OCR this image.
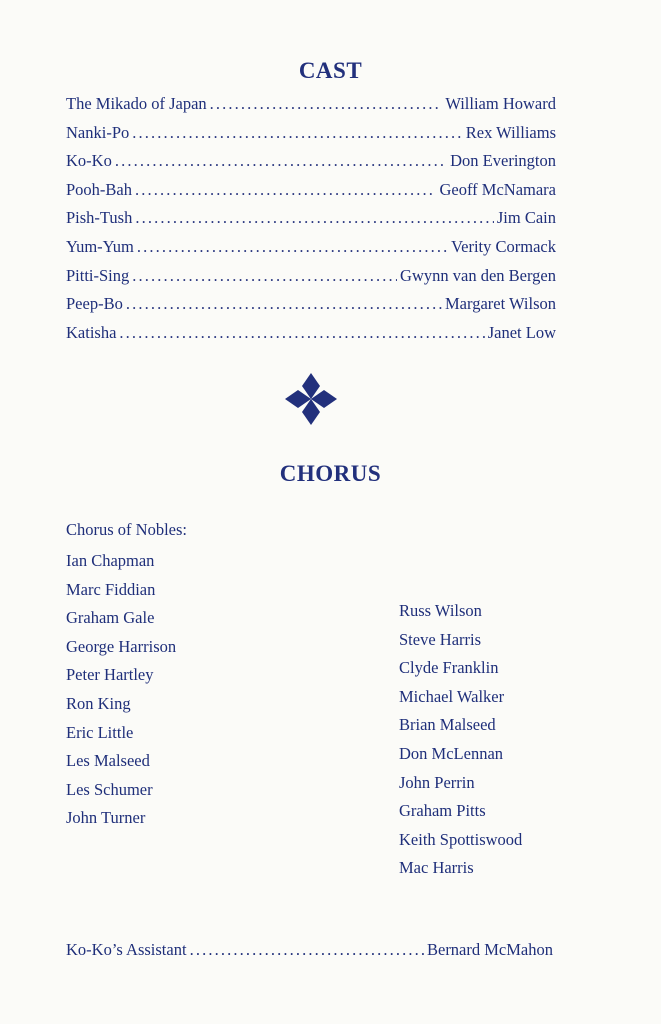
CAST
The Mikado of Japan . . .	William Howard
Nanki-Po . . .	Rex Williams
Ko-Ko . . .	Don Everington
Pooh-Bah . . .	Geoff McNamara
Pish-Tush . . .	Jim Cain
Yum-Yum . . .	Verity Cormack
Pitti-Sing . . .	Gwynn van den Bergen
Peep-Bo . . .	Margaret Wilson
Katisha . . .	Janet Low
CHORUS
Chorus of Nobles:
Ian Chapman
Marc Fiddian
Graham Gale
George Harrison
Peter Hartley
Ron King
Eric Little
Les Malseed
Les Schumer
John Turner
Russ Wilson
Steve Harris
Clyde Franklin
Michael Walker
Brian Malseed
Don McLennan
John Perrin
Graham Pitts
Keith Spottiswood
Mac Harris
Ko-Ko’s Assistant . . .	Bernard McMahon
